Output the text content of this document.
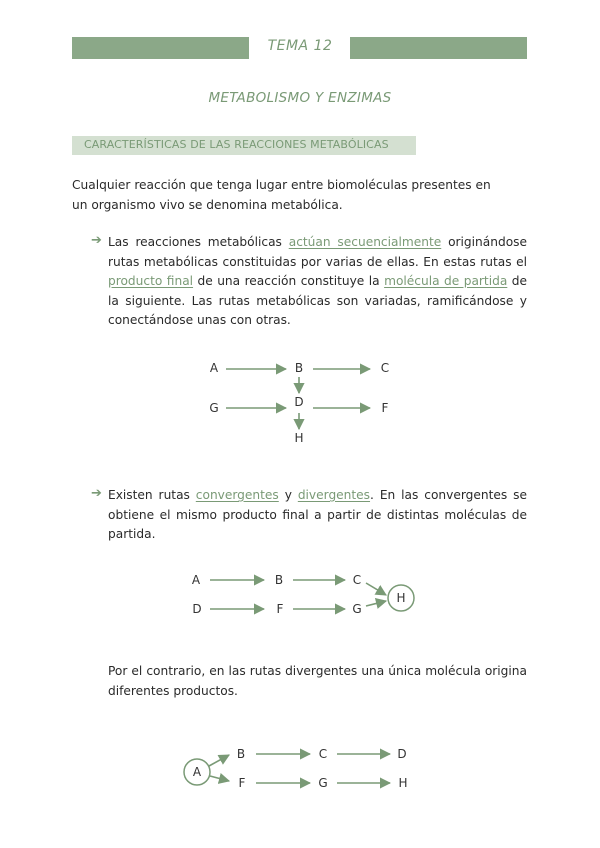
TEMA 12
METABOLISMO Y ENZIMAS
CARACTERÍSTICAS DE LAS REACCIONES METABÓLICAS
Cualquier reacción que tenga lugar entre biomoléculas presentes en un organismo vivo se denomina metabólica.
➔ Las reacciones metabólicas actúan secuencialmente originándose rutas metabólicas constituidas por varias de ellas. En estas rutas el producto final de una reacción constituye la molécula de partida de la siguiente. Las rutas metabólicas son variadas, ramificándose y conectándose unas con otras.
➔ Existen rutas convergentes y divergentes. En las convergentes se obtiene el mismo producto final a partir de distintas moléculas de partida.
Por el contrario, en las rutas divergentes una única molécula origina diferentes productos.
A	B	C
G	D	F
H
A	B	C
D	F	G
H
A
B	C	D
F	G	H
